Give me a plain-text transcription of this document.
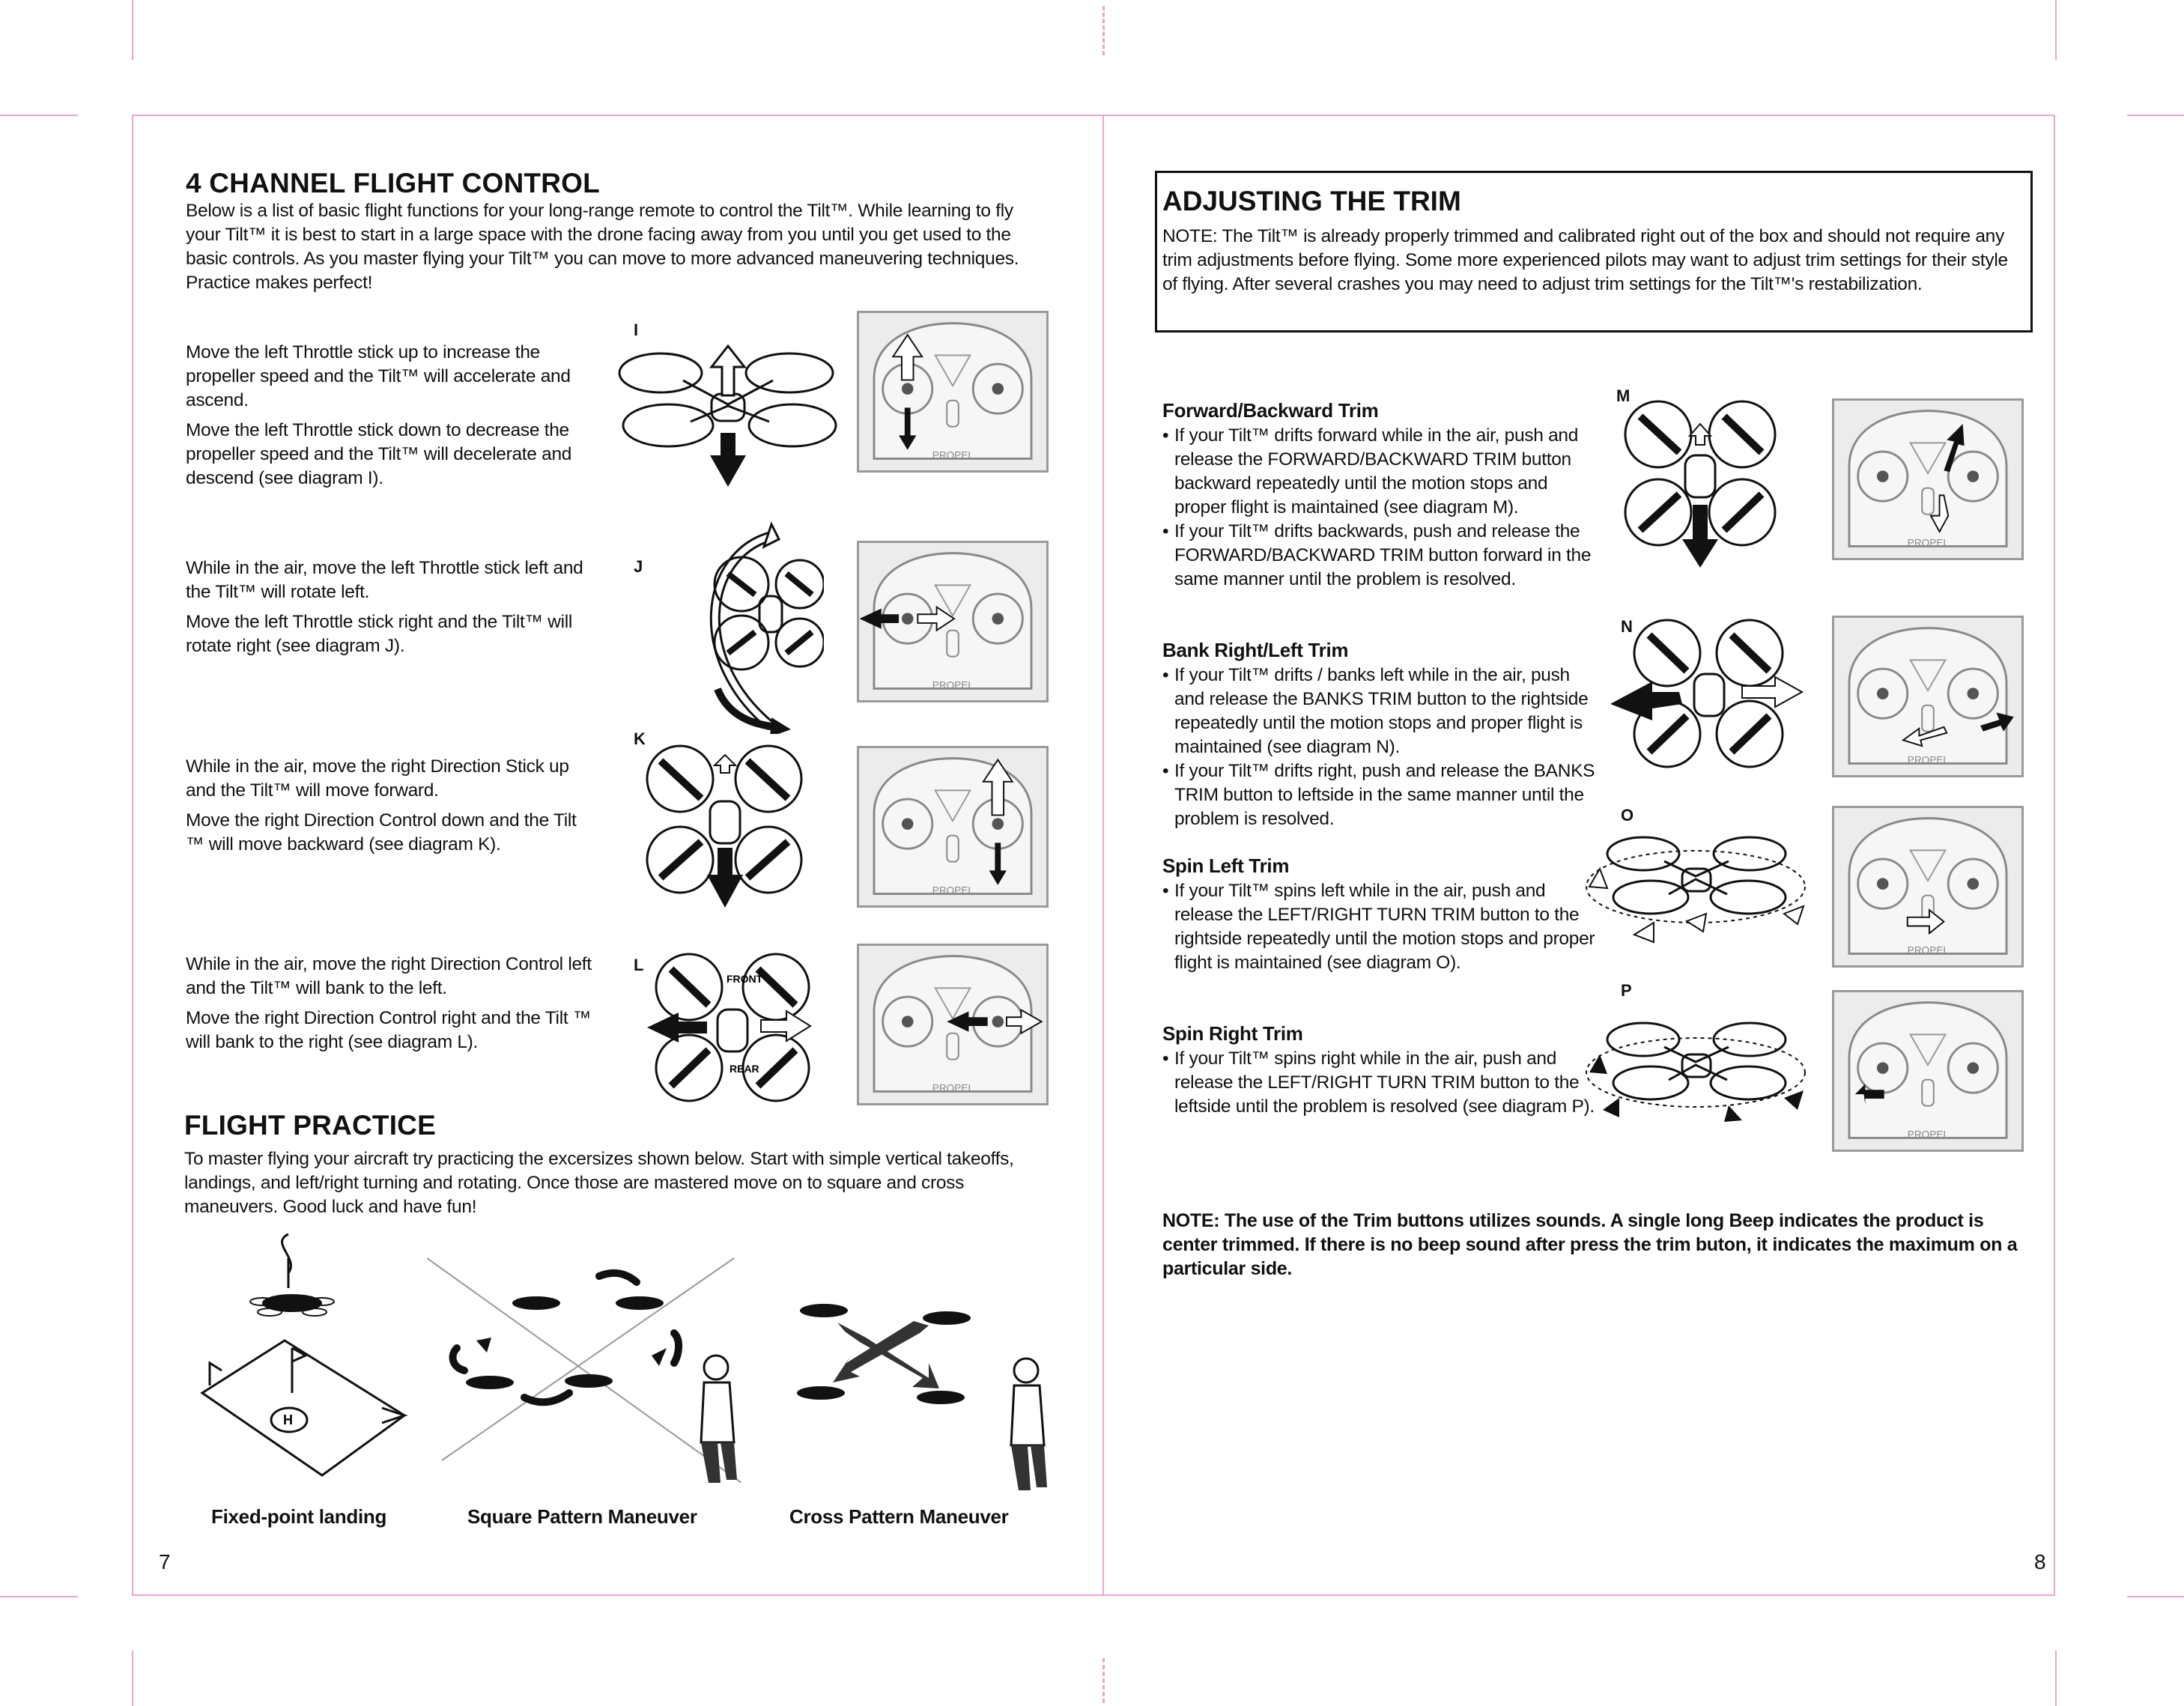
4 CHANNEL FLIGHT CONTROL

Below is a list of basic flight functions for your long-range remote to control the Tilt™. While learning to fly your Tilt™ it is best to start in a large space with the drone facing away from you until you get used to the basic controls. As you master flying your Tilt™ you can move to more advanced maneuvering techniques. Practice makes perfect!

Move the left Throttle stick up to increase the propeller speed and the Tilt™ will accelerate and ascend.

Move the left Throttle stick down to decrease the propeller speed and the Tilt™ will decelerate and descend (see diagram I).

While in the air, move the left Throttle stick left and the Tilt™ will rotate left.

Move the left Throttle stick right and the Tilt™ will rotate right (see diagram J).

While in the air, move the right Direction Stick up and the Tilt™ will move forward.

Move the right Direction Control down and the Tilt ™ will move backward (see diagram K).

While in the air, move the right Direction Control left and the Tilt™ will bank to the left.

Move the right Direction Control right and the Tilt ™ will bank to the right (see diagram L).

I
J
K
L
FRONT
REAR
PROPEL
PROPEL
PROPEL
PROPEL
FLIGHT PRACTICE

To master flying your aircraft try practicing the excersizes shown below. Start with simple vertical takeoffs, landings, and left/right turning and rotating. Once those are mastered move on to square and cross maneuvers. Good luck and have fun!

H
Fixed-point landing	Square Pattern Maneuver	Cross Pattern Maneuver
7
ADJUSTING THE TRIM

NOTE: The Tilt™ is already properly trimmed and calibrated right out of the box and should not require any trim adjustments before flying. Some more experienced pilots may want to adjust trim settings for their style of flying. After several crashes you may need to adjust trim settings for the Tilt™'s restabilization.

Forward/Backward Trim
• If your Tilt™ drifts forward while in the air, push and release the FORWARD/BACKWARD TRIM button backward repeatedly until the motion stops and proper flight is maintained (see diagram M).
• If your Tilt™ drifts backwards, push and release the FORWARD/BACKWARD TRIM button forward in the same manner until the problem is resolved.
Bank Right/Left Trim
• If your Tilt™ drifts / banks left while in the air, push and release the BANKS TRIM button to the rightside repeatedly until the motion stops and proper flight is maintained (see diagram N).
• If your Tilt™ drifts right, push and release the BANKS TRIM button to leftside in the same manner until the problem is resolved.
Spin Left Trim
• If your Tilt™ spins left while in the air, push and release the LEFT/RIGHT TURN TRIM button to the rightside repeatedly until the motion stops and proper flight is maintained (see diagram O).
Spin Right Trim
• If your Tilt™ spins right while in the air, push and release the LEFT/RIGHT TURN TRIM button to the leftside until the problem is resolved (see diagram P).
M
N
O
P
PROPEL
PROPEL
PROPEL
PROPEL

NOTE: The use of the Trim buttons utilizes sounds. A single long Beep indicates the product is center trimmed. If there is no beep sound after press the trim buton, it indicates the maximum on a particular side.

8
